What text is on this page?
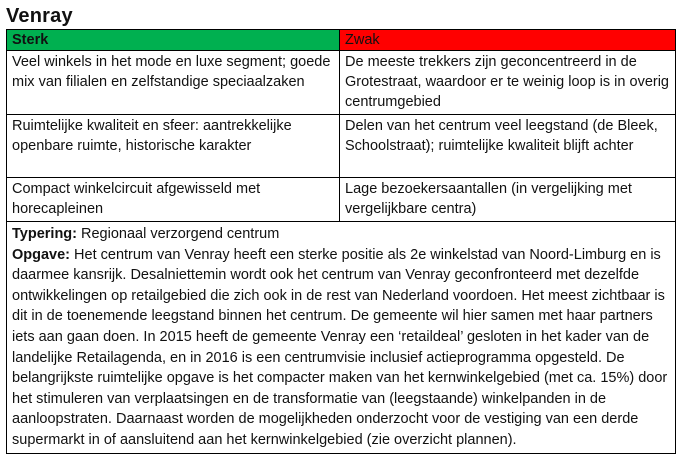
Venray
Sterk	Zwak
Veel winkels in het mode en luxe segment; goede mix van filialen en zelfstandige speciaalzaken	De meeste trekkers zijn geconcentreerd in de Grotestraat, waardoor er te weinig loop is in overig centrumgebied
Ruimtelijke kwaliteit en sfeer: aantrekkelijke openbare ruimte, historische karakter	Delen van het centrum veel leegstand (de Bleek, Schoolstraat); ruimtelijke kwaliteit blijft achter
Compact winkelcircuit afgewisseld met horecapleinen	Lage bezoekersaantallen (in vergelijking met vergelijkbare centra)

Typering: Regionaal verzorgend centrum

Opgave: Het centrum van Venray heeft een sterke positie als 2e winkelstad van Noord-Limburg en is daarmee kansrijk. Desalniettemin wordt ook het centrum van Venray geconfronteerd met dezelfde ontwikkelingen op retailgebied die zich ook in de rest van Nederland voordoen. Het meest zichtbaar is dit in de toenemende leegstand binnen het centrum. De gemeente wil hier samen met haar partners iets aan gaan doen. In 2015 heeft de gemeente Venray een ‘retaildeal’ gesloten in het kader van de landelijke Retailagenda, en in 2016 is een centrumvisie inclusief actieprogramma opgesteld. De belangrijkste ruimtelijke opgave is het compacter maken van het kernwinkelgebied (met ca. 15%) door het stimuleren van verplaatsingen en de transformatie van (leegstaande) winkelpanden in de aanloopstraten. Daarnaast worden de mogelijkheden onderzocht voor de vestiging van een derde supermarkt in of aansluitend aan het kernwinkelgebied (zie overzicht plannen).	
